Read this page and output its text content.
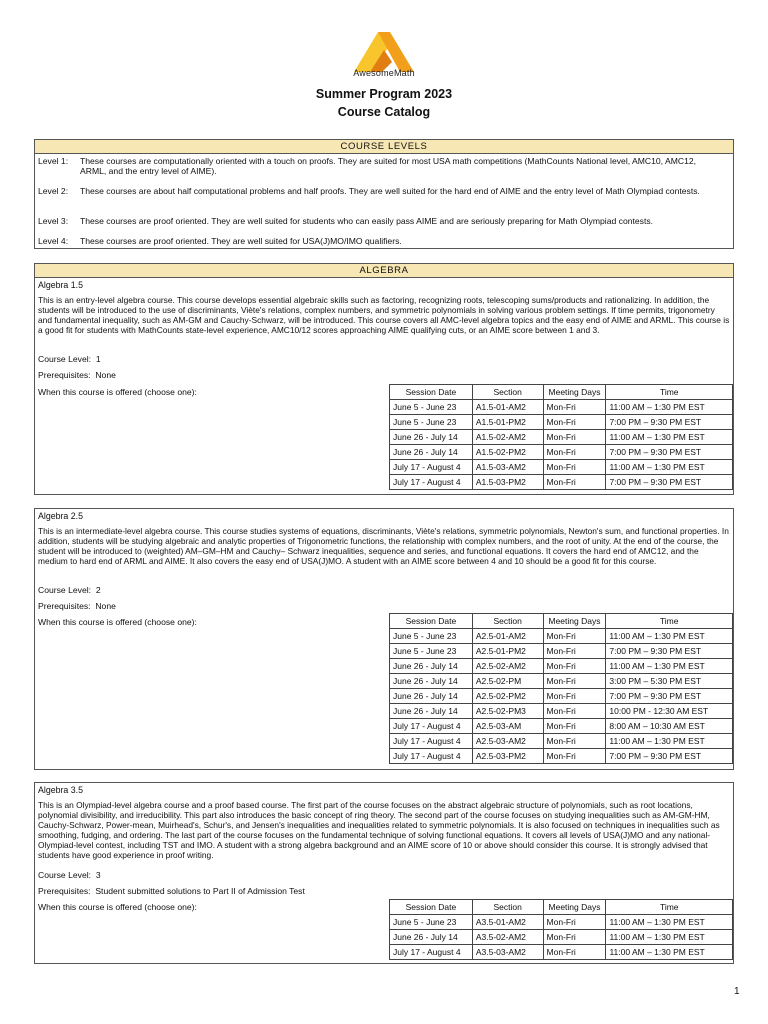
AwesomeMath
Summer Program 2023
Course Catalog
COURSE LEVELS
Level 1:	These courses are computationally oriented with a touch on proofs. They are suited for most USA math competitions (MathCounts National level, AMC10, AMC12, ARML, and the entry level of AIME).
Level 2:	These courses are about half computational problems and half proofs. They are well suited for the hard end of AIME and the entry level of Math Olympiad contests.
Level 3:	These courses are proof oriented. They are well suited for students who can easily pass AIME and are seriously preparing for Math Olympiad contests.
Level 4:	These courses are proof oriented. They are well suited for USA(J)MO/IMO qualifiers.
ALGEBRA
Algebra 1.5
This is an entry-level algebra course. This course develops essential algebraic skills such as factoring, recognizing roots, telescoping sums/products and rationalizing. In addition, the students will be introduced to the use of discriminants, Viète's relations, complex numbers, and symmetric polynomials in solving various problem settings. If time permits, trigonometry and fundamental inequality, such as AM-GM and Cauchy-Schwarz, will be introduced. This course covers all AMC-level algebra topics and the easy end of AIME and ARML. This course is a good fit for students with MathCounts state-level experience, AMC10/12 scores approaching AIME qualifying cuts, or an AIME score between 1 and 3.
Course Level: 1
Prerequisites: None
When this course is offered (choose one):	Session Date	Section	Meeting Days	Time
June 5 - June 23	A1.5-01-AM2	Mon-Fri	11:00 AM – 1:30 PM EST
June 5 - June 23	A1.5-01-PM2	Mon-Fri	7:00 PM – 9:30 PM EST
June 26 - July 14	A1.5-02-AM2	Mon-Fri	11:00 AM – 1:30 PM EST
June 26 - July 14	A1.5-02-PM2	Mon-Fri	7:00 PM – 9:30 PM EST
July 17 - August 4	A1.5-03-AM2	Mon-Fri	11:00 AM – 1:30 PM EST
July 17 - August 4	A1.5-03-PM2	Mon-Fri	7:00 PM – 9:30 PM EST
Algebra 2.5
This is an intermediate-level algebra course. This course studies systems of equations, discriminants, Viète's relations, symmetric polynomials, Newton's sum, and functional properties. In addition, students will be studying algebraic and analytic properties of Trigonometric functions, the relationship with complex numbers, and the root of unity. At the end of the course, the student will be introduced to (weighted) AM–GM–HM and Cauchy– Schwarz inequalities, sequence and series, and functional equations. It covers the hard end of AMC12, and the medium to hard end of ARML and AIME. It also covers the easy end of USA(J)MO. A student with an AIME score between 4 and 10 should be a good fit for this course.
Course Level: 2
Prerequisites: None
When this course is offered (choose one):	Session Date	Section	Meeting Days	Time
June 5 - June 23	A2.5-01-AM2	Mon-Fri	11:00 AM – 1:30 PM EST
June 5 - June 23	A2.5-01-PM2	Mon-Fri	7:00 PM – 9:30 PM EST
June 26 - July 14	A2.5-02-AM2	Mon-Fri	11:00 AM – 1:30 PM EST
June 26 - July 14	A2.5-02-PM	Mon-Fri	3:00 PM – 5:30 PM EST
June 26 - July 14	A2.5-02-PM2	Mon-Fri	7:00 PM – 9:30 PM EST
June 26 - July 14	A2.5-02-PM3	Mon-Fri	10:00 PM - 12:30 AM EST
July 17 - August 4	A2.5-03-AM	Mon-Fri	8:00 AM – 10:30 AM EST
July 17 - August 4	A2.5-03-AM2	Mon-Fri	11:00 AM – 1:30 PM EST
July 17 - August 4	A2.5-03-PM2	Mon-Fri	7:00 PM – 9:30 PM EST
Algebra 3.5
This is an Olympiad-level algebra course and a proof based course. The first part of the course focuses on the abstract algebraic structure of polynomials, such as root locations, polynomial divisibility, and irreducibility. This part also introduces the basic concept of ring theory. The second part of the course focuses on studying inequalities such as AM-GM-HM, Cauchy-Schwarz, Power-mean, Muirhead's, Schur's, and Jensen's inequalities and inequalities related to symmetric polynomials. It is also focused on techniques in inequalities such as smoothing, fudging, and ordering. The last part of the course focuses on the fundamental technique of solving functional equations. It covers all levels of USA(J)MO and any national-Olympiad-level contest, including TST and IMO. A student with a strong algebra background and an AIME score of 10 or above should consider this course. It is strongly advised that students have good experience in proof writing.
Course Level: 3
Prerequisites: Student submitted solutions to Part II of Admission Test
When this course is offered (choose one):	Session Date	Section	Meeting Days	Time
June 5 - June 23	A3.5-01-AM2	Mon-Fri	11:00 AM – 1:30 PM EST
June 26 - July 14	A3.5-02-AM2	Mon-Fri	11:00 AM – 1:30 PM EST
July 17 - August 4	A3.5-03-AM2	Mon-Fri	11:00 AM – 1:30 PM EST
1
